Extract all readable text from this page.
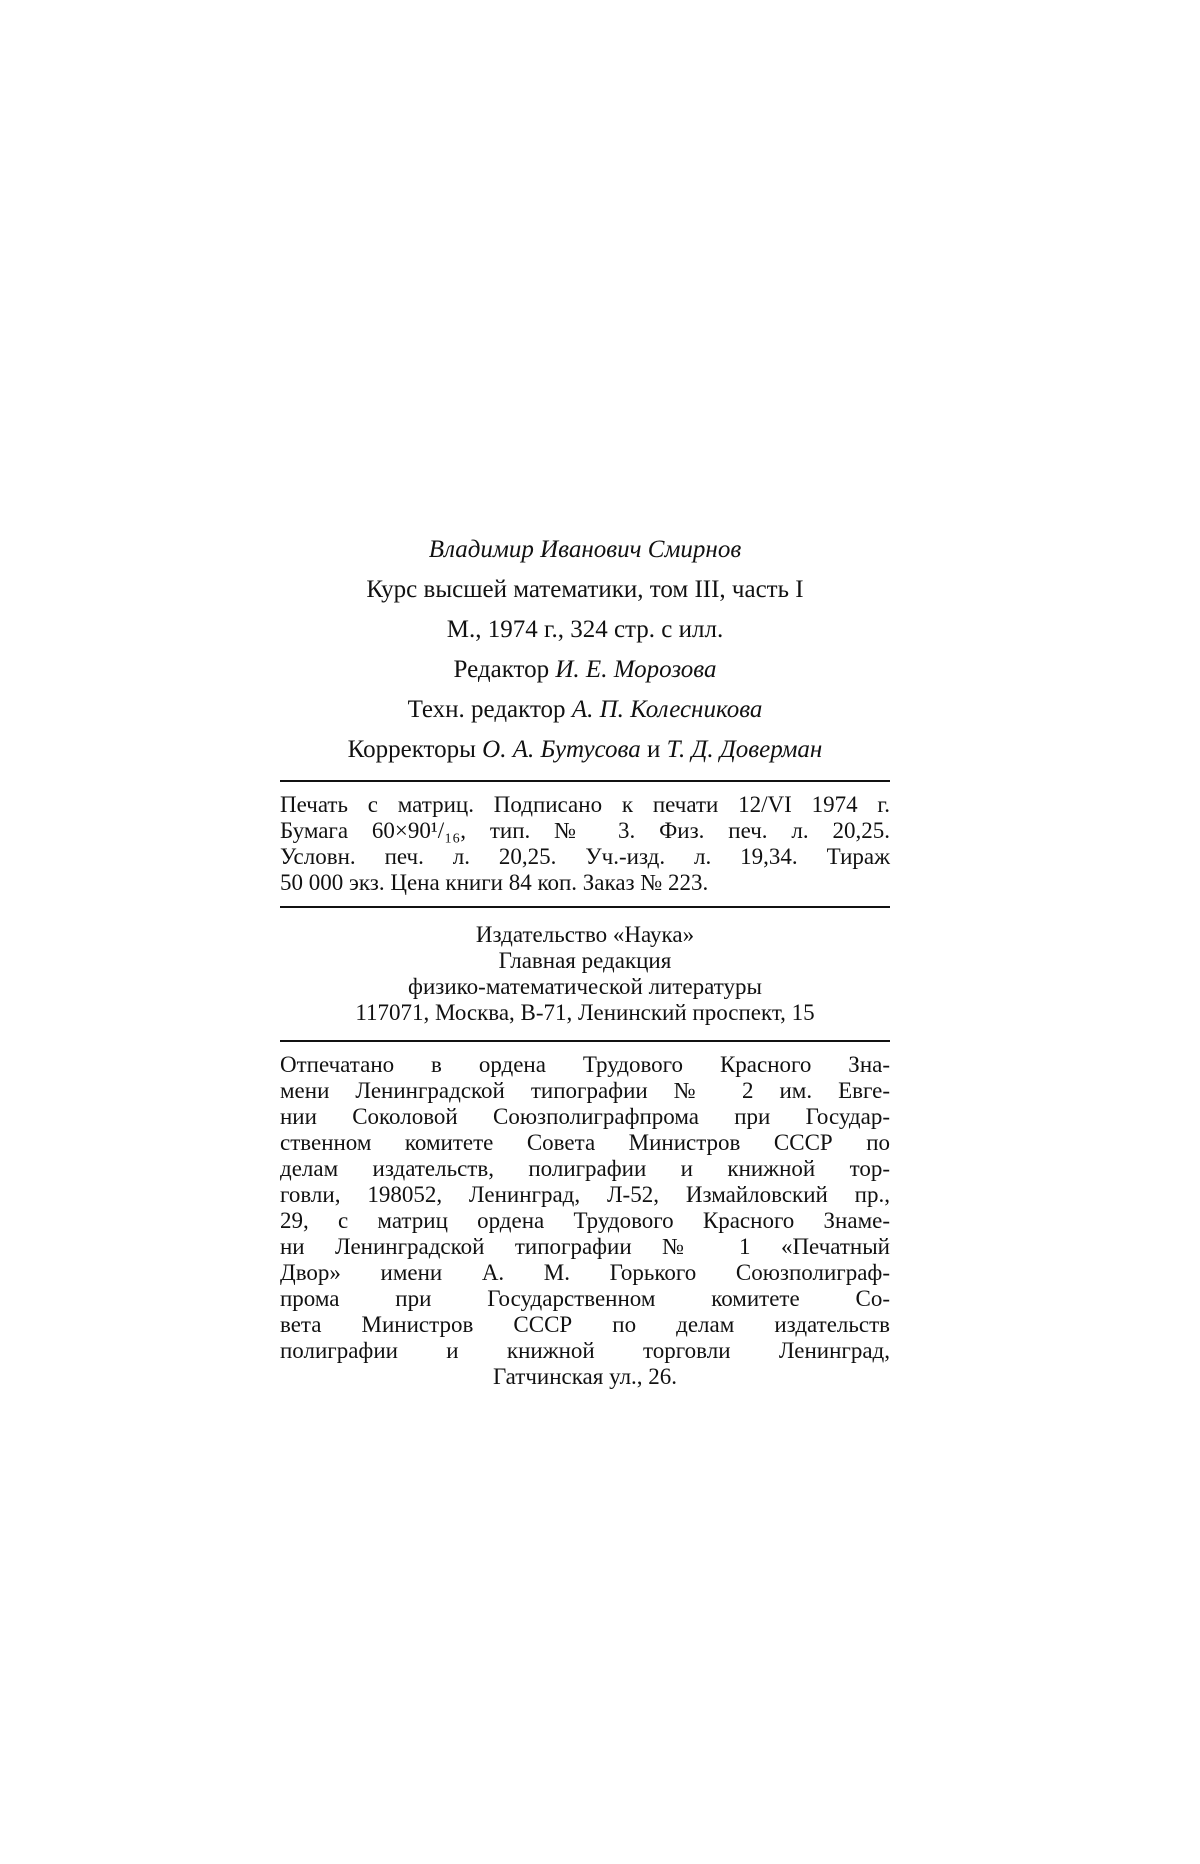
Владимир Иванович Смирнов
Курс высшей математики, том III, часть I
М., 1974 г., 324 стр. с илл.
Редактор И. Е. Морозова
Техн. редактор А. П. Колесникова
Корректоры О. А. Бутусова и Т. Д. Доверман
Печать с матриц. Подписано к печати 12/VI 1974 г.
Бумага 60×90¹/₁₆, тип. № 3. Физ. печ. л. 20,25.
Условн. печ. л. 20,25. Уч.-изд. л. 19,34. Тираж
50 000 экз. Цена книги 84 коп. Заказ № 223.
Издательство «Наука»
Главная редакция
физико-математической литературы
117071, Москва, В-71, Ленинский проспект, 15
Отпечатано в ордена Трудового Красного Зна-
мени Ленинградской типографии № 2 им. Евге-
нии Соколовой Союзполиграфпрома при Государ-
ственном комитете Совета Министров СССР по
делам издательств, полиграфии и книжной тор-
говли, 198052, Ленинград, Л-52, Измайловский пр.,
29, с матриц ордена Трудового Красного Знаме-
ни Ленинградской типографии № 1 «Печатный
Двор» имени А. М. Горького Союзполиграф-
прома при Государственном комитете Со-
вета Министров СССР по делам издательств
полиграфии и книжной торговли Ленинград,
Гатчинская ул., 26.
